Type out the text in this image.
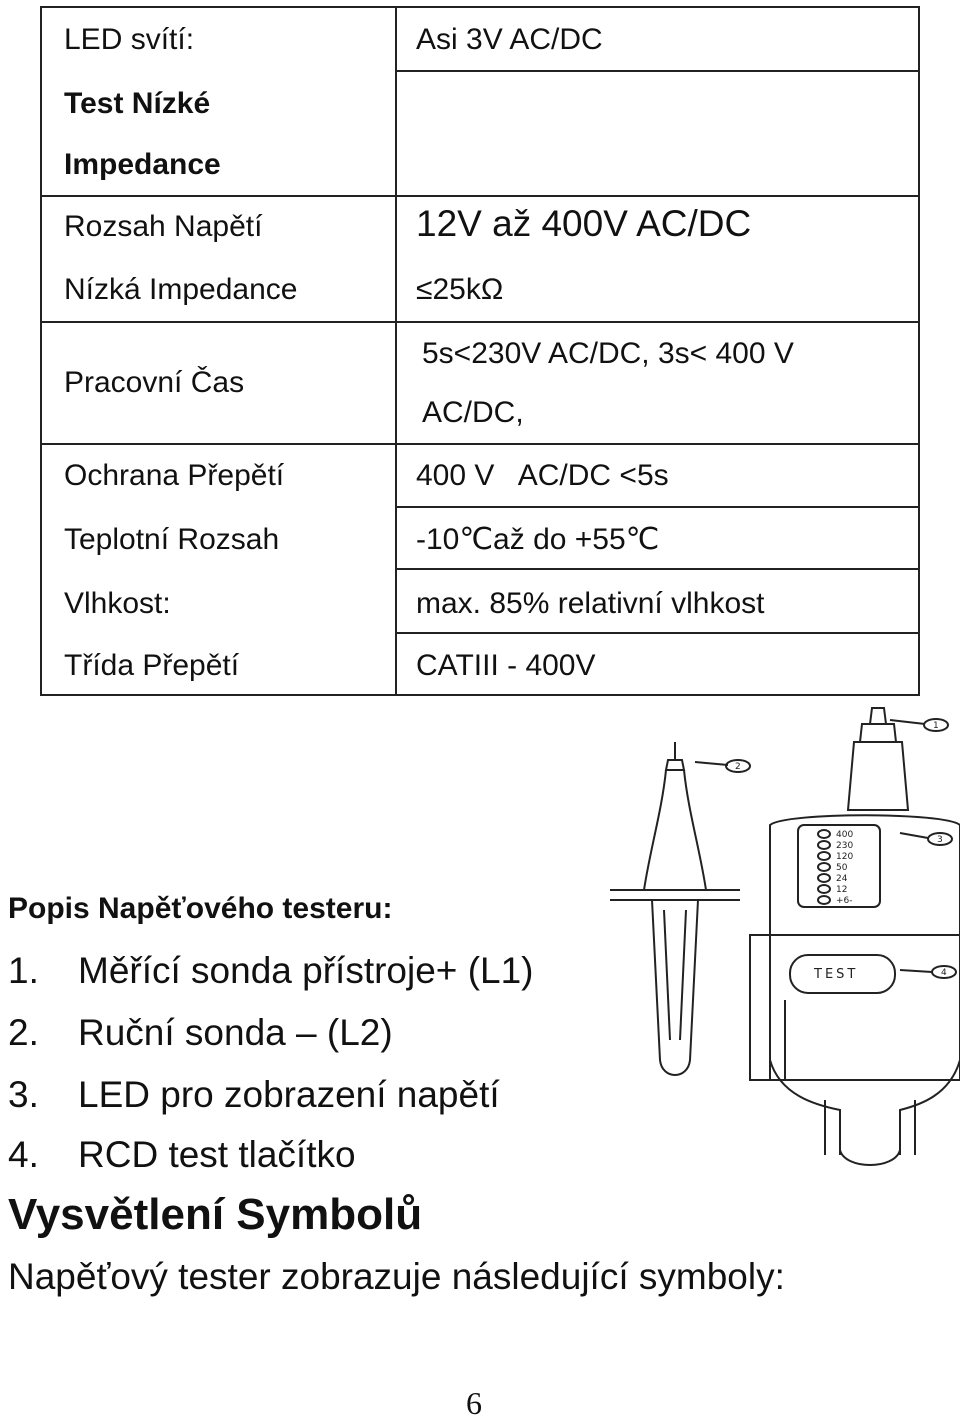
LED svítí:
Test Nízké
Impedance
Rozsah Napětí
Nízká Impedance
Pracovní Čas
Ochrana Přepětí
Teplotní Rozsah
Vlhkost:
Třída Přepětí
Asi 3V AC/DC
12V až 400V AC/DC
≤25kΩ
5s<230V AC/DC, 3s< 400 V
AC/DC,
400 V   AC/DC <5s
-10℃až do +55℃
max. 85% relativní vlhkost
CATIII - 400V
1
2
3
4
400
230
120
50
24
12
+6-
TEST
Popis Napěťového testeru:
1. Měřící sonda přístroje+ (L1)
2. Ruční sonda – (L2)
3. LED pro zobrazení napětí
4. RCD test tlačítko
Vysvětlení Symbolů
Napěťový tester zobrazuje následující symboly:
6
